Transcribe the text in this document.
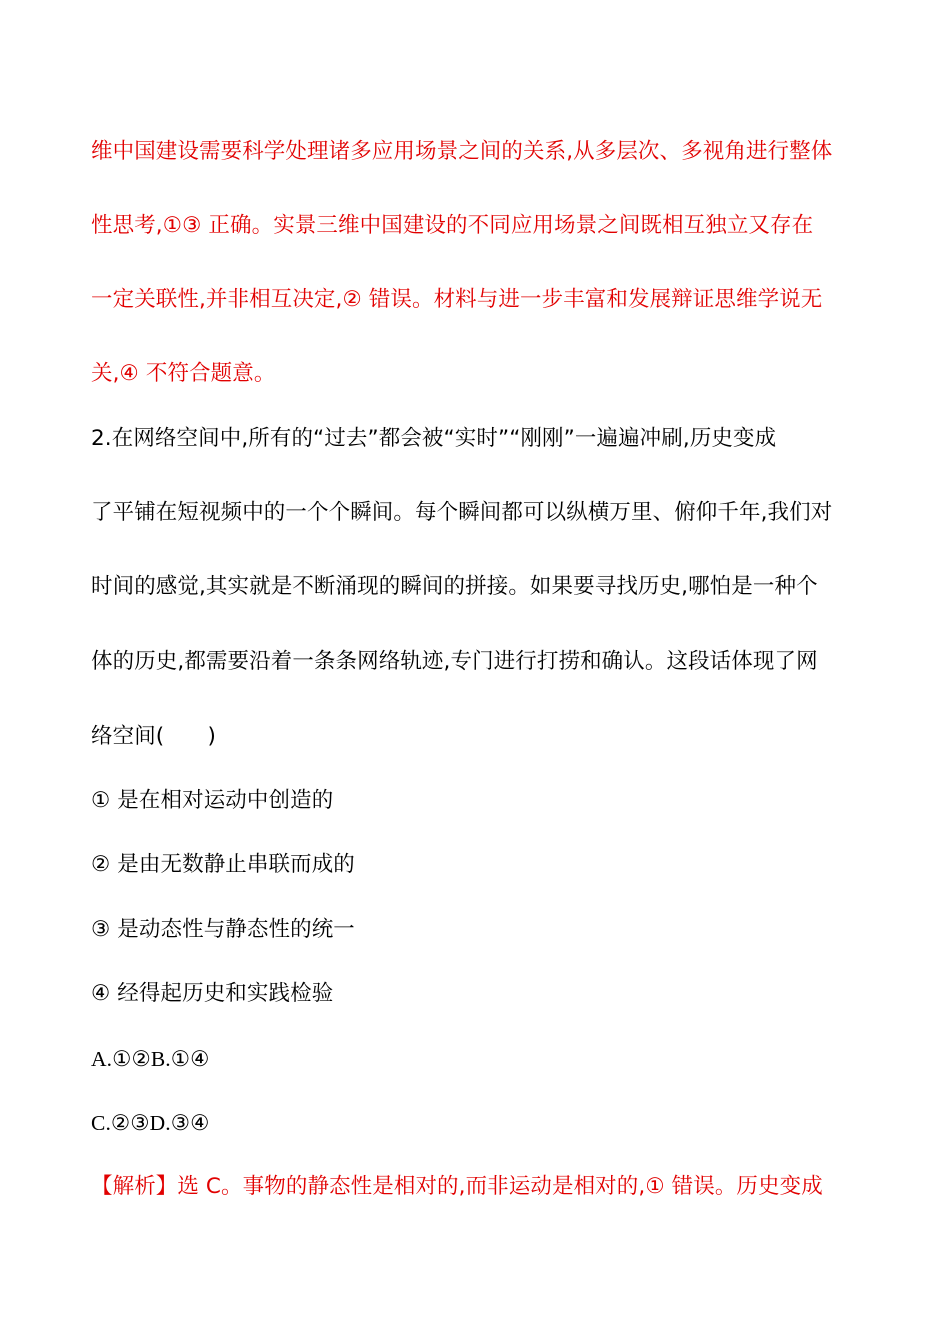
维中国建设需要科学处理诸多应用场景之间的关系,从多层次、多视角进行整体
性思考,①③ 正确。实景三维中国建设的不同应用场景之间既相互独立又存在
一定关联性,并非相互决定,② 错误。材料与进一步丰富和发展辩证思维学说无
关,④ 不符合题意。
2.在网络空间中,所有的“过去”都会被“实时”“刚刚”一遍遍冲刷,历史变成
了平铺在短视频中的一个个瞬间。每个瞬间都可以纵横万里、俯仰千年,我们对
时间的感觉,其实就是不断涌现的瞬间的拼接。如果要寻找历史,哪怕是一种个
体的历史,都需要沿着一条条网络轨迹,专门进行打捞和确认。这段话体现了网
络空间(　　)
① 是在相对运动中创造的
② 是由无数静止串联而成的
③ 是动态性与静态性的统一
④ 经得起历史和实践检验
A.①②B.①④
C.②③D.③④
【解析】选 C。事物的静态性是相对的,而非运动是相对的,① 错误。历史变成
